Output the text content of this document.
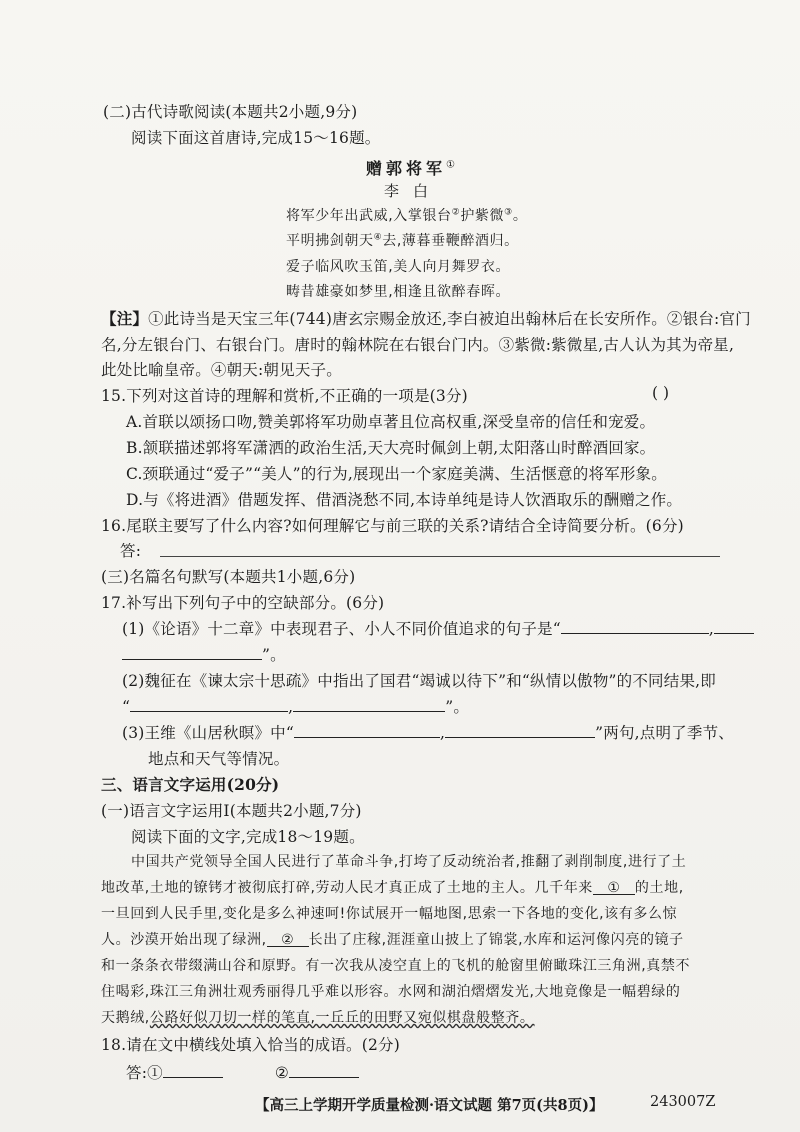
(二)古代诗歌阅读(本题共2小题,9分)
阅读下面这首唐诗,完成15～16题。
赠郭将军①
李白
将军少年出武威,入掌银台②护紫微③。
平明拂剑朝天④去,薄暮垂鞭醉酒归。
爱子临风吹玉笛,美人向月舞罗衣。
畴昔雄豪如梦里,相逢且欲醉春晖。
【注】①此诗当是天宝三年(744)唐玄宗赐金放还,李白被迫出翰林后在长安所作。②银台:官门
名,分左银台门、右银台门。唐时的翰林院在右银台门内。③紫微:紫微星,古人认为其为帝星,
此处比喻皇帝。④朝天:朝见天子。
15.下列对这首诗的理解和赏析,不正确的一项是(3分)	( )
A.首联以颂扬口吻,赞美郭将军功勋卓著且位高权重,深受皇帝的信任和宠爱。
B.颔联描述郭将军潇洒的政治生活,天大亮时佩剑上朝,太阳落山时醉酒回家。
C.颈联通过“爱子”“美人”的行为,展现出一个家庭美满、生活惬意的将军形象。
D.与《将进酒》借题发挥、借酒浇愁不同,本诗单纯是诗人饮酒取乐的酬赠之作。
16.尾联主要写了什么内容?如何理解它与前三联的关系?请结合全诗简要分析。(6分)
答:
(三)名篇名句默写(本题共1小题,6分)
17.补写出下列句子中的空缺部分。(6分)
(1)《论语》十二章》中表现君子、小人不同价值追求的句子是“	,
”。
(2)魏征在《谏太宗十思疏》中指出了国君“竭诚以待下”和“纵情以傲物”的不同结果,即
“	,	”。
(3)王维《山居秋暝》中“	,	”两句,点明了季节、
地点和天气等情况。
三、语言文字运用(20分)
(一)语言文字运用Ⅰ(本题共2小题,7分)
阅读下面的文字,完成18～19题。
中国共产党领导全国人民进行了革命斗争,打垮了反动统治者,推翻了剥削制度,进行了土
地改革,土地的镣铐才被彻底打碎,劳动人民才真正成了土地的主人。几千年来 ① 的土地,
一旦回到人民手里,变化是多么神速呵!你试展开一幅地图,思索一下各地的变化,该有多么惊
人。沙漠开始出现了绿洲, ② 长出了庄稼,涯涯童山披上了锦裳,水库和运河像闪亮的镜子
和一条条衣带缀满山谷和原野。有一次我从凌空直上的飞机的舱窗里俯瞰珠江三角洲,真禁不
住喝彩,珠江三角洲壮观秀丽得几乎难以形容。水网和湖泊熠熠发光,大地竟像是一幅碧绿的
天鹅绒,公路好似刀切一样的笔直,一丘丘的田野又宛似棋盘般整齐。
18.请在文中横线处填入恰当的成语。(2分)
答:①	②
【高三上学期开学质量检测·语文试题 第7页(共8页)】	243007Z
